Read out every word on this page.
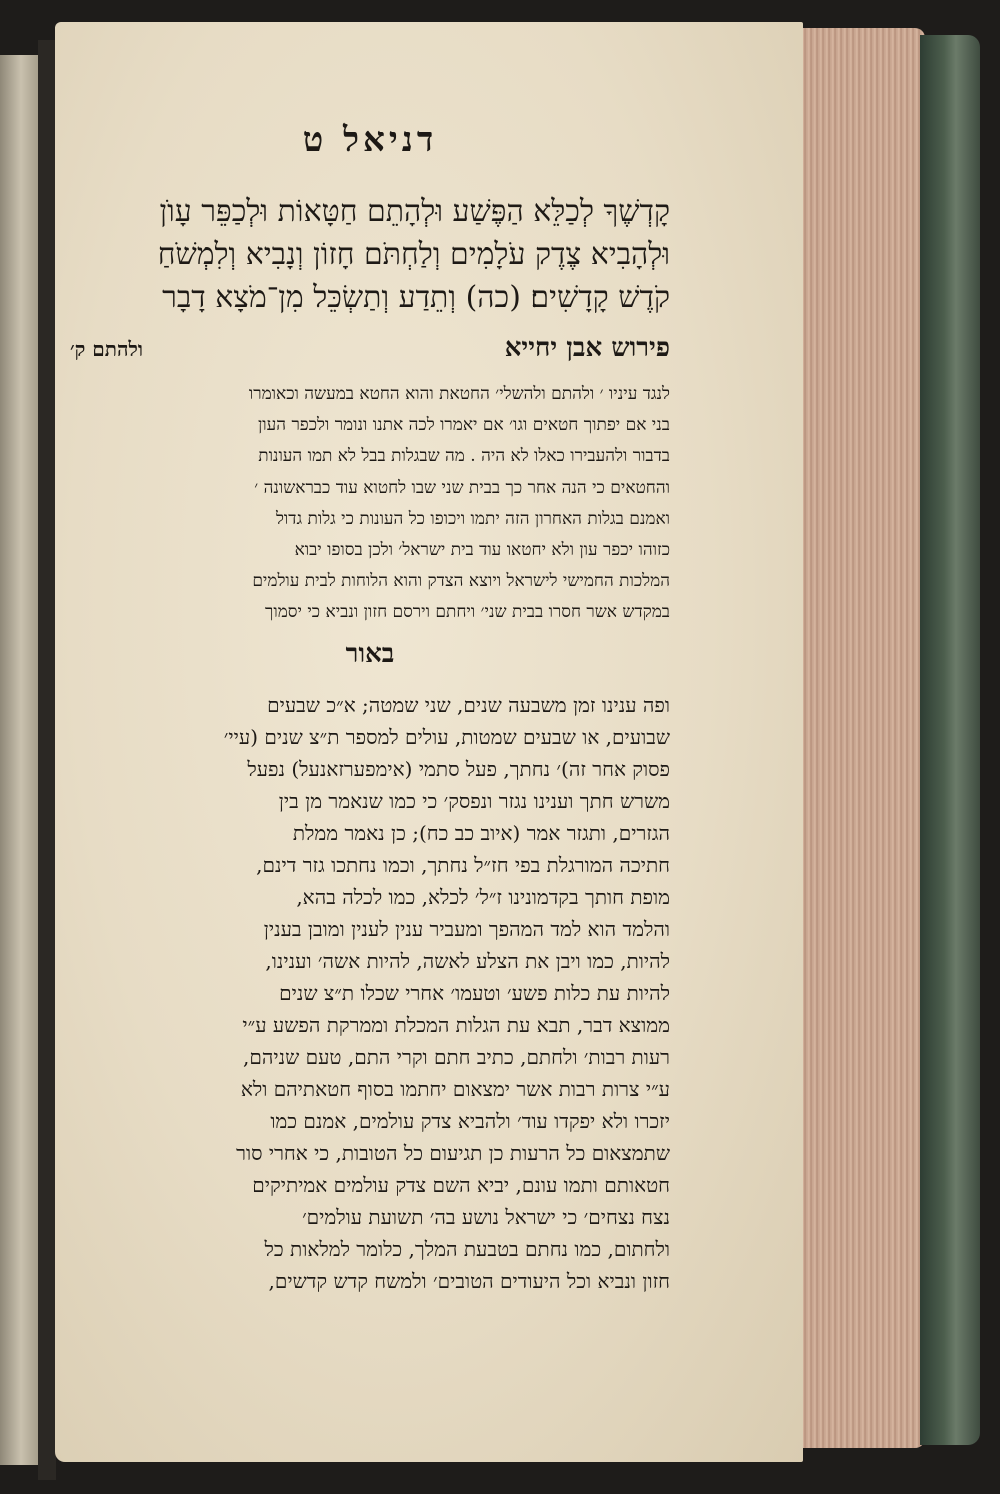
דניאל ט
קָדְשֶׁךָ לְכַלֵּא הַפֶּשַׁע וּלְהָתֵם חַטָּאוֹת וּלְכַפֵּר עָוֺן
וּלְהָבִיא צֶדֶק עֹלָמִים וְלַחְתֹּם חָזוֹן וְנָבִיא וְלִמְשֹׁחַ
קֹדֶשׁ קָדָשִׁים׃ (כה) וְתֵדַע וְתַשְׂכֵּל מִן־מֹצָא דָבָר
פירוש אבן יחייא
ולהתם ק׳
לנגד עיניו ׳ ולהתם ולהשלי׳ החטאת והוא החטא במעשה וכאומרו
בני אם יפתוך חטאים וגו׳ אם יאמרו לכה אתנו ונומר ולכפר העון
בדבור ולהעבירו כאלו לא היה . מה שבגלות בבל לא תמו העונות
והחטאים כי הנה אחר כך בבית שני שבו לחטוא עוד כבראשונה ׳
ואמנם בגלות האחרון הזה יתמו ויכופו כל העונות כי גלות גדול
כזוהו יכפר עון ולא יחטאו עוד בית ישראל׳ ולכן בסופו יבוא
המלכות החמישי לישראל ויוצא הצדק והוא הלוחות לבית עולמים
במקדש אשר חסרו בבית שני׳ ויחתם וירסם חזון ונביא כי יסמוך
באור
ופה ענינו זמן משבעה שנים, שני שמטה; א״כ שבעים
שבועים, או שבעים שמטות, עולים למספר ת״צ שנים (עיי׳
פסוק אחר זה)׳ נחתך, פעל סתמי (אימפערזאנעל) נפעל
משרש חתך וענינו נגזר ונפסק׳ כי כמו שנאמר מן בין
הגזרים, ותגזר אמר (איוב כב כח); כן נאמר ממלת
חתיכה המורגלת בפי חז״ל נחתך, וכמו נחתכו גזר דינם,
מופת חותך בקדמונינו ז״ל׳ לכלא, כמו לכלה בהא,
והלמד הוא למד המהפך ומעביר ענין לענין ומובן בענין
להיות, כמו ויבן את הצלע לאשה, להיות אשה׳ וענינו,
להיות עת כלות פשע׳ וטעמו׳ אחרי שכלו ת״צ שנים
ממוצא דבר, תבא עת הגלות המכלת וממרקת הפשע ע״י
רעות רבות׳ ולחתם, כתיב חתם וקרי התם, טעם שניהם,
ע״י צרות רבות אשר ימצאום יחתמו בסוף חטאתיהם ולא
יזכרו ולא יפקדו עוד׳ ולהביא צדק עולמים, אמנם כמו
שתמצאום כל הרעות כן תגיעום כל הטובות, כי אחרי סור
חטאותם ותמו עונם, יביא השם צדק עולמים אמיתיקים
נצח נצחים׳ כי ישראל נושע בה׳ תשועת עולמים׳
ולחתום, כמו נחתם בטבעת המלך, כלומר למלאות כל
חזון ונביא וכל היעודים הטובים׳ ולמשח קדש קדשים,
